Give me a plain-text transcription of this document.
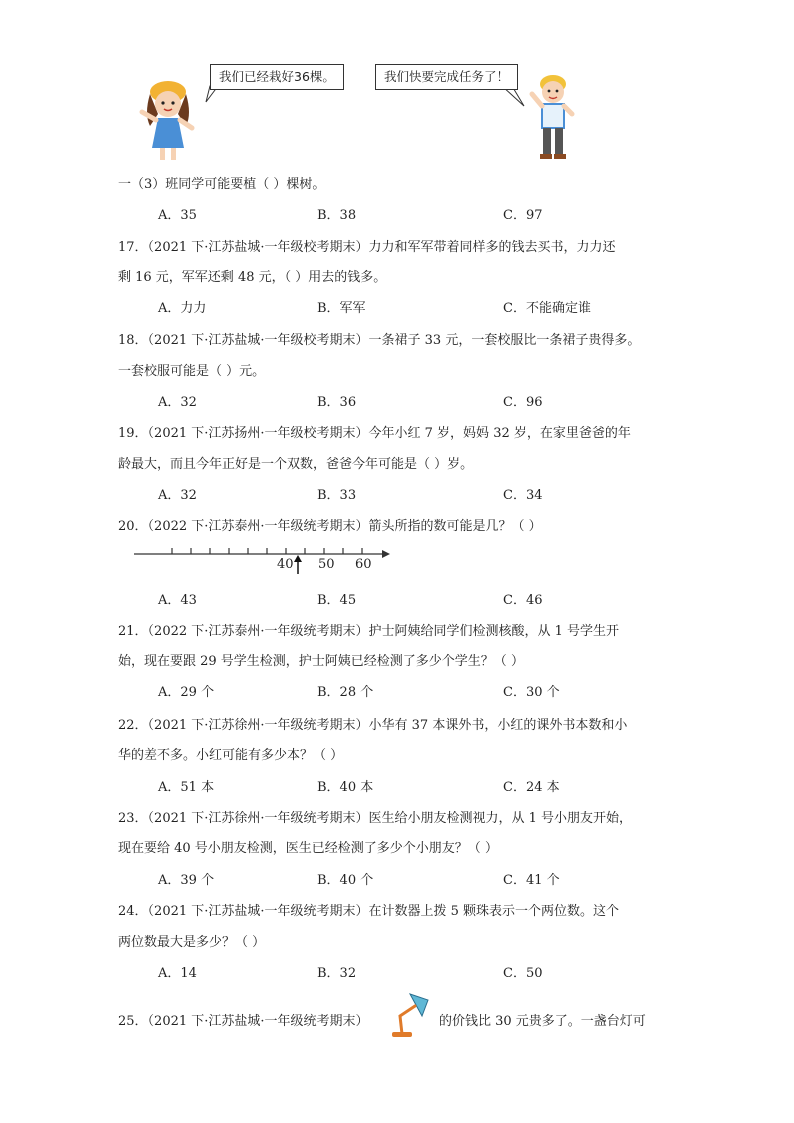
我们已经栽好36棵。	我们快要完成任务了！
一（3）班同学可能要植（ ）棵树。
A．35	B．38	C．97
17．（2021 下·江苏盐城·一年级校考期末）力力和军军带着同样多的钱去买书，力力还
剩 16 元，军军还剩 48 元，（ ）用去的钱多。
A．力力	B．军军	C．不能确定谁
18．（2021 下·江苏盐城·一年级校考期末）一条裙子 33 元，一套校服比一条裙子贵得多。
一套校服可能是（ ）元。
A．32	B．36	C．96
19．（2021 下·江苏扬州·一年级校考期末）今年小红 7 岁，妈妈 32 岁，在家里爸爸的年
龄最大，而且今年正好是一个双数，爸爸今年可能是（ ）岁。
A．32	B．33	C．34
20．（2022 下·江苏泰州·一年级统考期末）箭头所指的数可能是几？（ ）
40 50 60
A．43	B．45	C．46
21．（2022 下·江苏泰州·一年级统考期末）护士阿姨给同学们检测核酸，从 1 号学生开
始，现在要跟 29 号学生检测，护士阿姨已经检测了多少个学生？（ ）
A．29 个	B．28 个	C．30 个
22．（2021 下·江苏徐州·一年级统考期末）小华有 37 本课外书，小红的课外书本数和小
华的差不多。小红可能有多少本？（ ）
A．51 本	B．40 本	C．24 本
23．（2021 下·江苏徐州·一年级统考期末）医生给小朋友检测视力，从 1 号小朋友开始，
现在要给 40 号小朋友检测，医生已经检测了多少个小朋友？（ ）
A．39 个	B．40 个	C．41 个
24．（2021 下·江苏盐城·一年级统考期末）在计数器上拨 5 颗珠表示一个两位数。这个
两位数最大是多少？（ ）
A．14	B．32	C．50
25．（2021 下·江苏盐城·一年级统考期末）	的价钱比 30 元贵多了。一盏台灯可
